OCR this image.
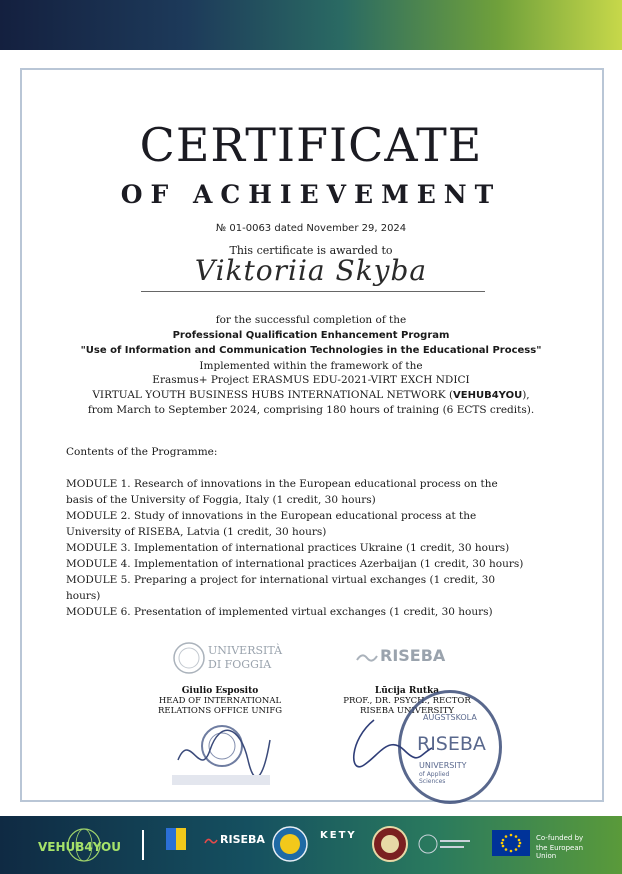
CERTIFICATE
OF ACHIEVEMENT
№ 01-0063 dated November 29, 2024
This certificate is awarded to
Viktoriia Skyba
for the successful completion of the
Professional Qualification Enhancement Program
"Use of Information and Communication Technologies in the Educational Process"
Implemented within the framework of the
Erasmus+ Project ERASMUS EDU-2021-VIRT EXCH NDICI
VIRTUAL YOUTH BUSINESS HUBS INTERNATIONAL NETWORK (VEHUB4YOU),
from March to September 2024, comprising 180 hours of training (6 ECTS credits).
Contents of the Programme:
MODULE 1. Research of innovations in the European educational process on the basis of the University of Foggia, Italy (1 credit, 30 hours)
MODULE 2. Study of innovations in the European educational process at the University of RISEBA, Latvia (1 credit, 30 hours)
MODULE 3. Implementation of international practices Ukraine (1 credit, 30 hours)
MODULE 4. Implementation of international practices Azerbaijan (1 credit, 30 hours)
MODULE 5. Preparing a project for international virtual exchanges (1 credit, 30 hours)
MODULE 6. Presentation of implemented virtual exchanges (1 credit, 30 hours)
UNIVERSITÀ
DI FOGGIA
Giulio Esposito
HEAD OF INTERNATIONAL
RELATIONS OFFICE UNIFG
RISEBA
Lūcija Rutka
PROF., DR. PSYCH., RECTOR
RISEBA UNIVERSITY
AUGSTSKOLA
RISEBA
UNIVERSITY
of Applied
Sciences
VEHUB4YOU
RISEBA	KETY	Co-funded by
the European Union
